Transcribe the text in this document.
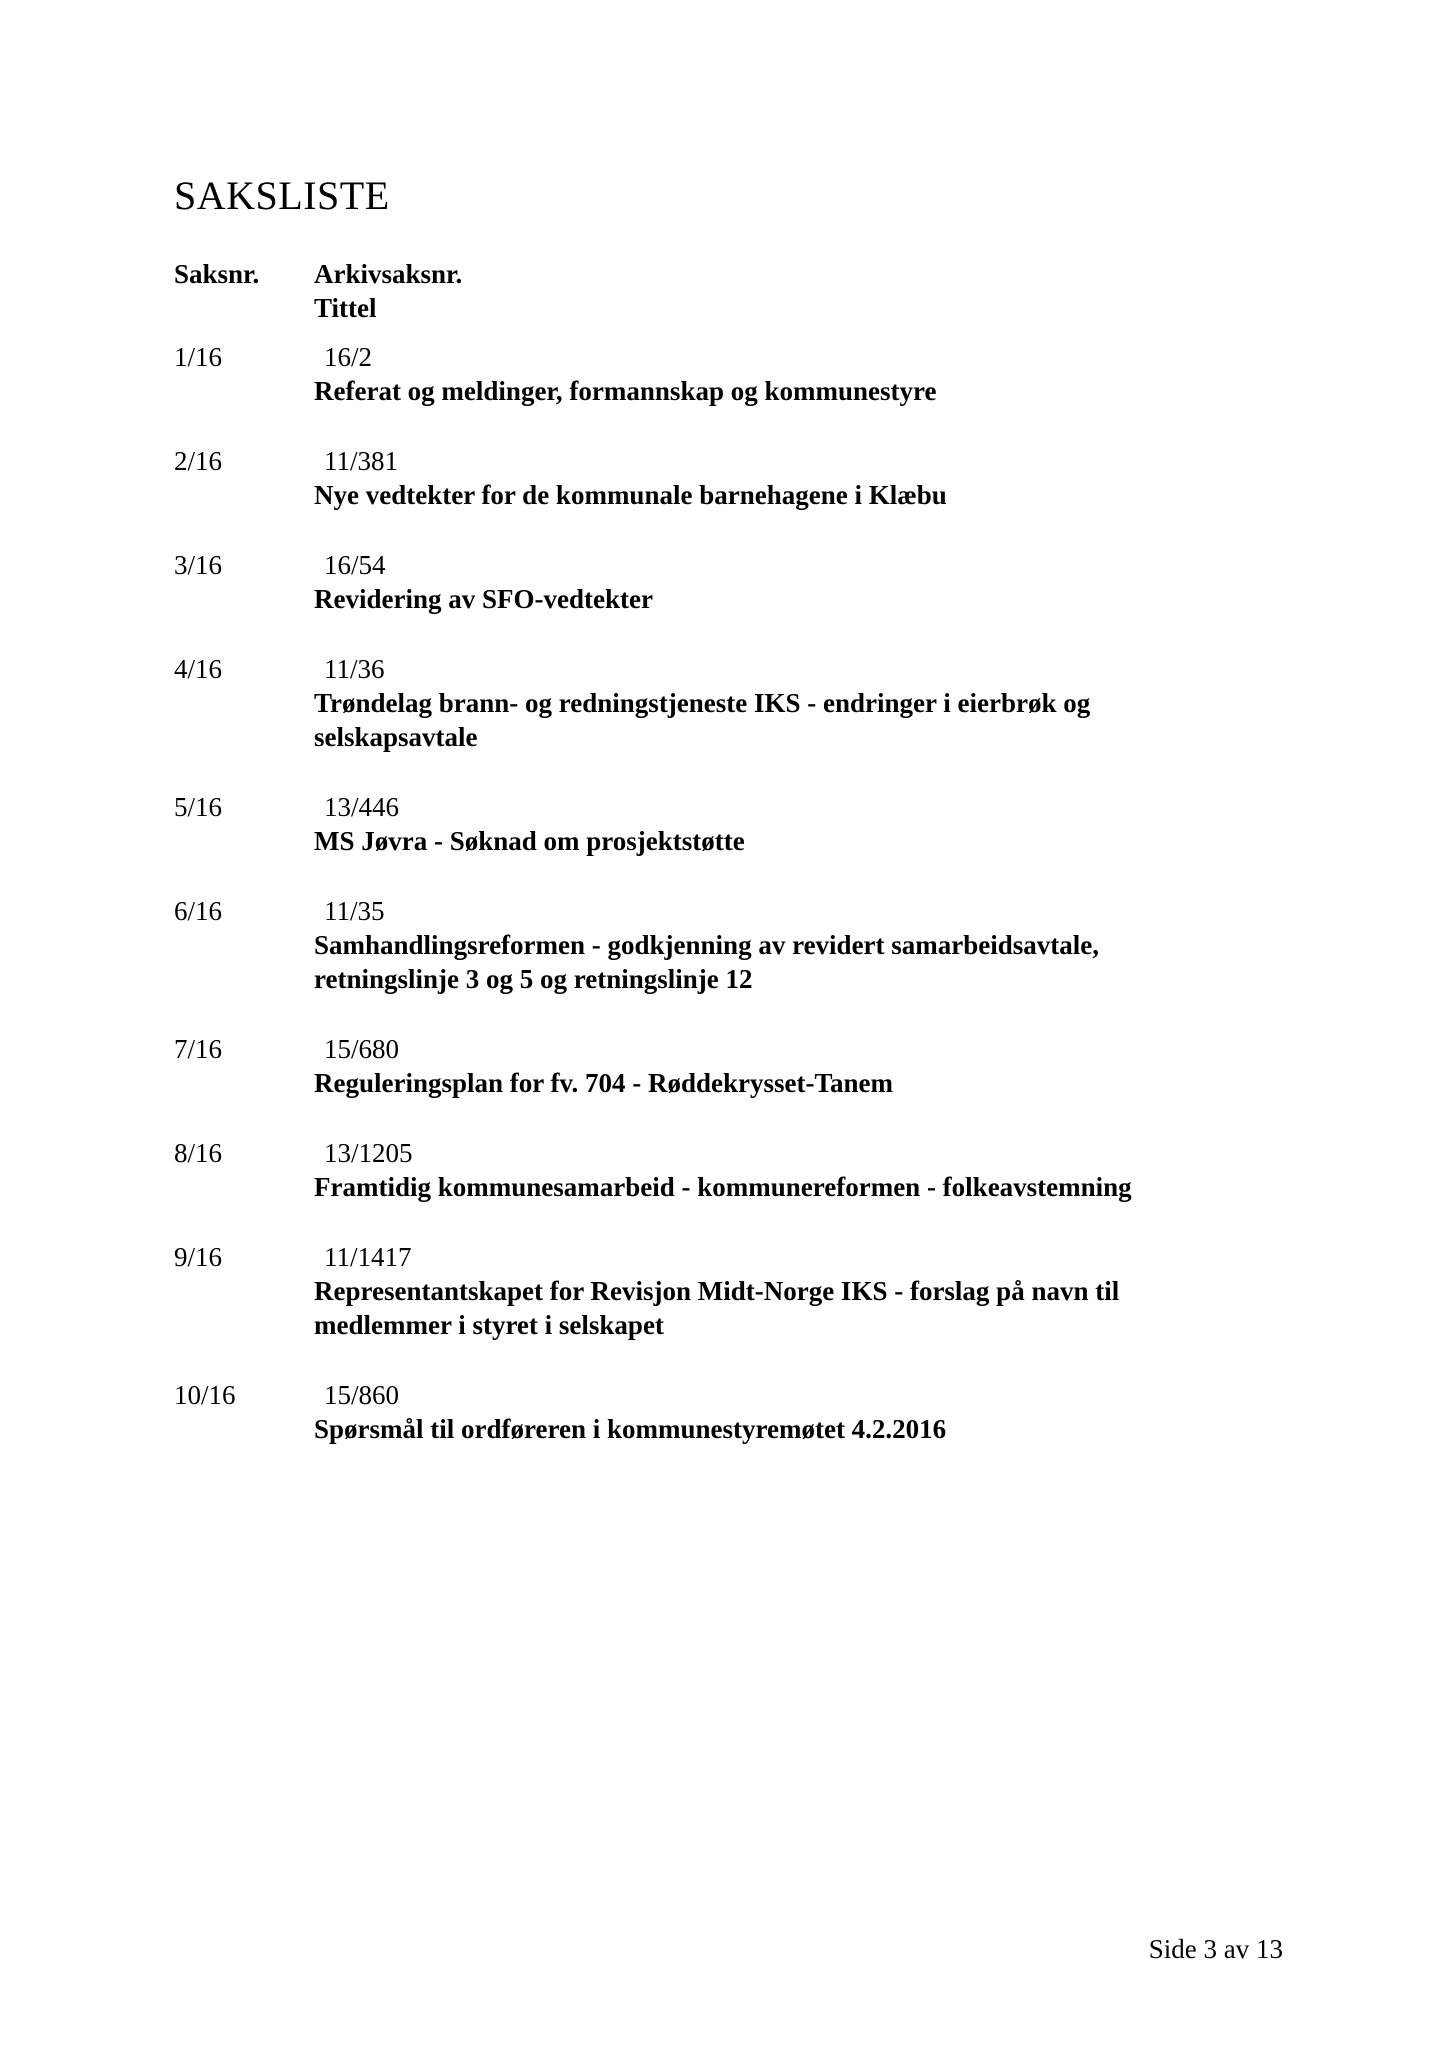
SAKSLISTE
Saksnr. Arkivsaksnr.
Tittel
1/16	16/2
Referat og meldinger, formannskap og kommunestyre
2/16	11/381
Nye vedtekter for de kommunale barnehagene i Klæbu
3/16	16/54
Revidering av SFO-vedtekter
4/16	11/36
Trøndelag brann- og redningstjeneste IKS - endringer i eierbrøk og selskapsavtale
5/16	13/446
MS Jøvra - Søknad om prosjektstøtte
6/16	11/35
Samhandlingsreformen - godkjenning av revidert samarbeidsavtale, retningslinje 3 og 5 og retningslinje 12
7/16	15/680
Reguleringsplan for fv. 704 - Røddekrysset-Tanem
8/16	13/1205
Framtidig kommunesamarbeid - kommunereformen - folkeavstemning
9/16	11/1417
Representantskapet for Revisjon Midt-Norge IKS - forslag på navn til medlemmer i styret i selskapet
10/16	15/860
Spørsmål til ordføreren i kommunestyremøtet 4.2.2016
Side 3 av 13
